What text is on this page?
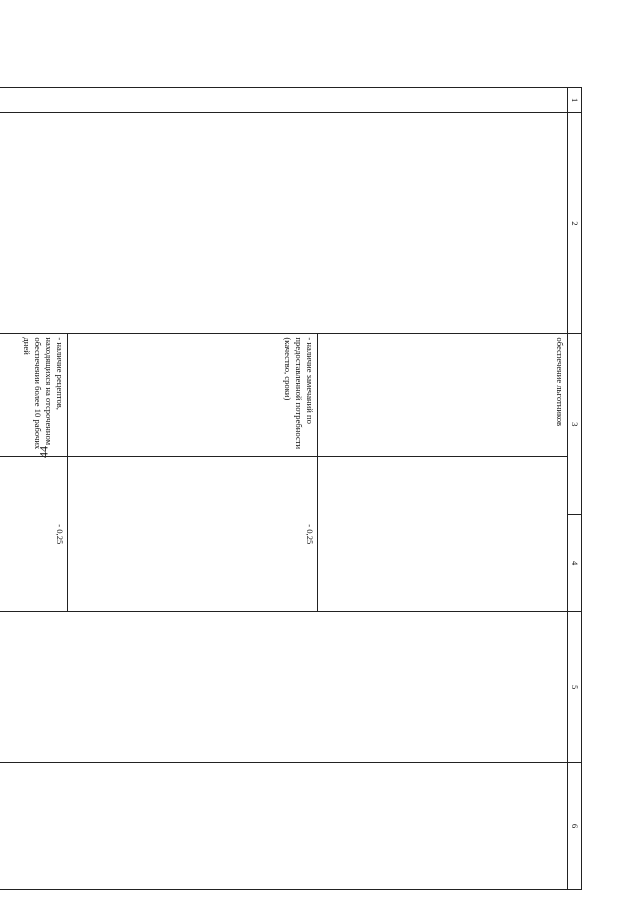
44
1	2	3	4	5	6

обеспечение льготников	
- наличие замечаний по предоставленной потребности (качество, сроки)	- 0,25
- наличие рецептов, находящихся на отсроченном обеспечении более 10 рабочих дней	- 0,25
